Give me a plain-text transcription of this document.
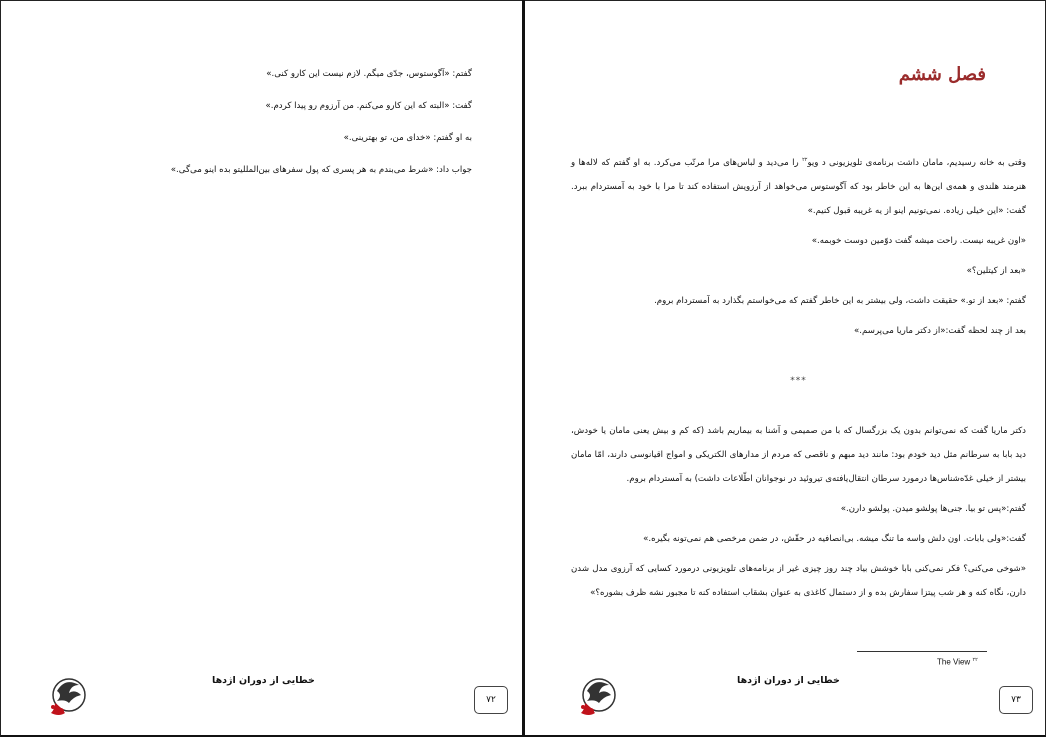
گفتم: «آگوستوس، جدّی میگم. لازم نیست این کارو کنی.»

گفت: «البته که این کارو می‌کنم. من آرزوم رو پیدا کردم.»

به او گفتم: «خدای من، تو بهترینی.»

جواب داد: «شرط می‌بندم به هر پسری که پول سفرهای بین‌المللیتو بده اینو می‌گی.»

خطایی از دوران اژدها
۷۲
فصل ششم

وقتی به خانه رسیدیم، مامان داشت برنامه‌ی تلویزیونی د ویو$^{۲۲}$ را می‌دید و لباس‌های مرا مرتّب می‌کرد. به او گفتم که لاله‌ها و هنرمند هلندی و همه‌ی این‌ها به این خاطر بود که آگوستوس می‌خواهد از آرزویش استفاده کند تا مرا با خود به آمستردام ببرد. گفت: «این خیلی زیاده. نمی‌تونیم اینو از یه غریبه قبول کنیم.»

«اون غریبه نیست. راحت میشه گفت دوّمین دوست خوبمه.»

«بعد از کیتلین؟»

گفتم: «بعد از تو.» حقیقت داشت، ولی بیشتر به این خاطر گفتم که می‌خواستم بگذارد به آمستردام بروم.

بعد از چند لحظه گفت:«از دکتر ماریا می‌پرسم.»

***

دکتر ماریا گفت که نمی‌توانم بدون یک بزرگسال که با من صمیمی و آشنا به بیماریم باشد (که کم و بیش یعنی مامان یا خودش، دید بابا به سرطانم مثل دید خودم بود: مانند دید مبهم و ناقصی که مردم از مدارهای الکتریکی و امواج اقیانوسی دارند، امّا مامان بیشتر از خیلی غدّه‌شناس‌ها درمورد سرطان انتقال‌یافته‌ی تیروئید در نوجوانان اطّلاعات داشت) به آمستردام بروم.

گفتم:«پس تو بیا. جنی‌ها پولشو میدن. پولشو دارن.»

گفت:«ولی بابات. اون دلش واسه ما تنگ میشه. بی‌انصافیه در حقّش، در ضمن مرخصی هم نمی‌تونه بگیره.»

«شوخی می‌کنی؟ فکر نمی‌کنی بابا خوشش بیاد چند روز چیزی غیر از برنامه‌های تلویزیونی درمورد کسایی که آرزوی مدل شدن دارن، نگاه کنه و هر شب پیتزا سفارش بده و از دستمال کاغذی به عنوان بشقاب استفاده کنه تا مجبور نشه ظرف بشوره؟»

The View $^{۲۲}$
خطایی از دوران اژدها
۷۳
